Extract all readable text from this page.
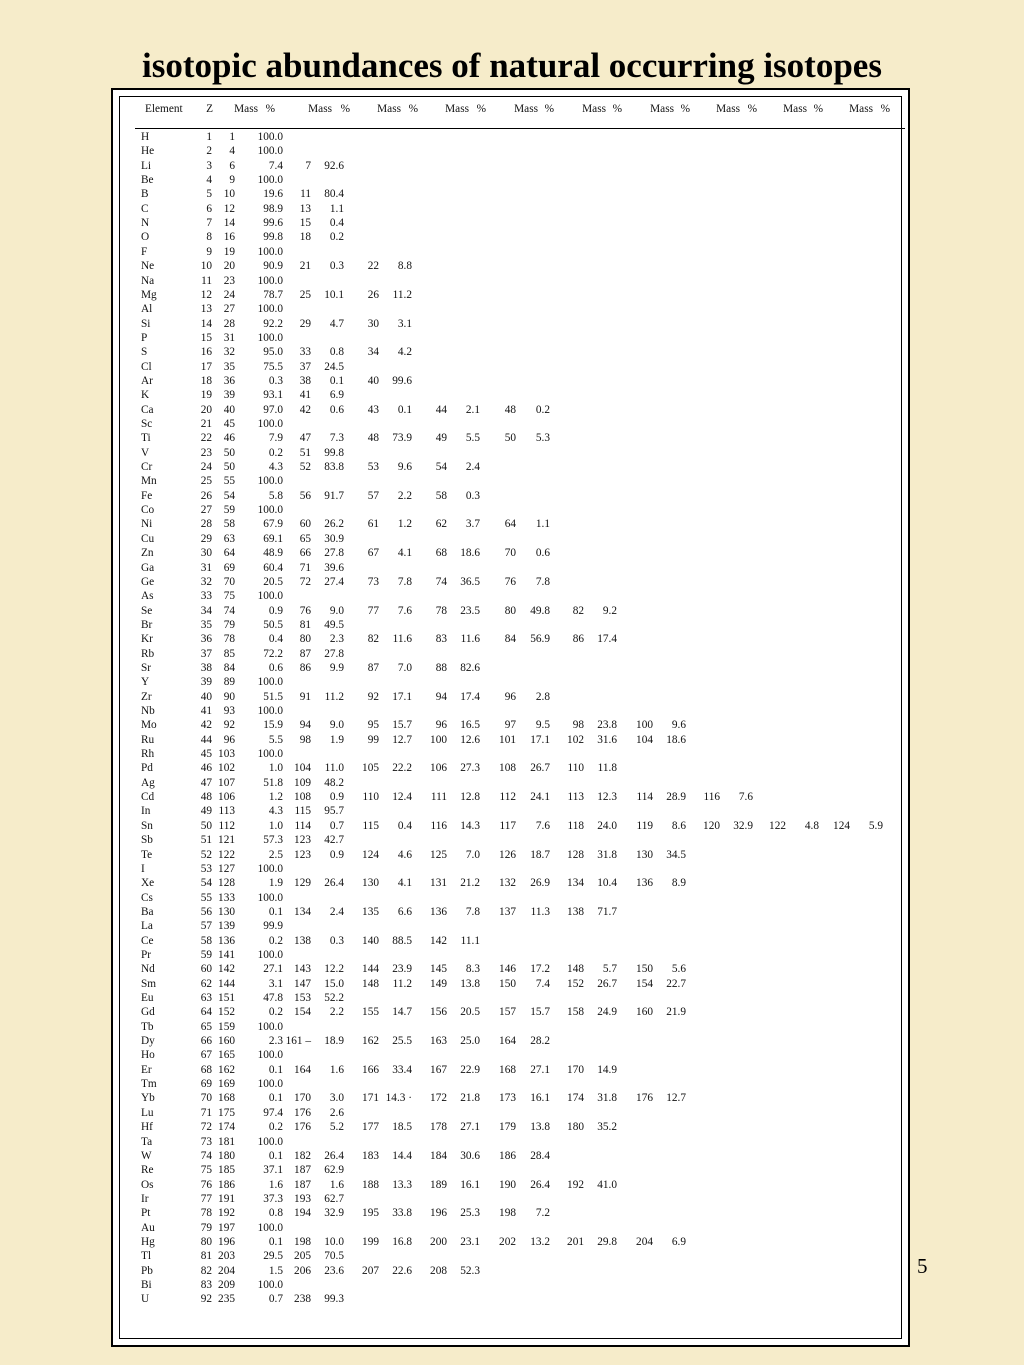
isotopic abundances of natural occurring isotopes
Element	Z	Mass %	Mass %	Mass %	Mass %	Mass %	Mass %	Mass %	Mass %	Mass %	Mass %
H	1	1	100.0
He	2	4	100.0
Li	3	6	7.4	7	92.6
Be	4	9	100.0
B	5	10	19.6	11	80.4
C	6	12	98.9	13	1.1
N	7	14	99.6	15	0.4
O	8	16	99.8	18	0.2
F	9	19	100.0
Ne	10	20	90.9	21	0.3	22	8.8
Na	11	23	100.0
Mg	12	24	78.7	25	10.1	26	11.2
Al	13	27	100.0
Si	14	28	92.2	29	4.7	30	3.1
P	15	31	100.0
S	16	32	95.0	33	0.8	34	4.2
Cl	17	35	75.5	37	24.5
Ar	18	36	0.3	38	0.1	40	99.6
K	19	39	93.1	41	6.9
Ca	20	40	97.0	42	0.6	43	0.1	44	2.1	48	0.2
Sc	21	45	100.0
Ti	22	46	7.9	47	7.3	48	73.9	49	5.5	50	5.3
V	23	50	0.2	51	99.8
Cr	24	50	4.3	52	83.8	53	9.6	54	2.4
Mn	25	55	100.0
Fe	26	54	5.8	56	91.7	57	2.2	58	0.3
Co	27	59	100.0
Ni	28	58	67.9	60	26.2	61	1.2	62	3.7	64	1.1
Cu	29	63	69.1	65	30.9
Zn	30	64	48.9	66	27.8	67	4.1	68	18.6	70	0.6
Ga	31	69	60.4	71	39.6
Ge	32	70	20.5	72	27.4	73	7.8	74	36.5	76	7.8
As	33	75	100.0
Se	34	74	0.9	76	9.0	77	7.6	78	23.5	80	49.8	82	9.2
Br	35	79	50.5	81	49.5
Kr	36	78	0.4	80	2.3	82	11.6	83	11.6	84	56.9	86	17.4
Rb	37	85	72.2	87	27.8
Sr	38	84	0.6	86	9.9	87	7.0	88	82.6
Y	39	89	100.0
Zr	40	90	51.5	91	11.2	92	17.1	94	17.4	96	2.8
Nb	41	93	100.0
Mo	42	92	15.9	94	9.0	95	15.7	96	16.5	97	9.5	98	23.8	100	9.6
Ru	44	96	5.5	98	1.9	99	12.7	100	12.6	101	17.1	102	31.6	104	18.6
Rh	45 103	100.0
Pd	46 102	1.0 104	11.0	105	22.2	106	27.3	108	26.7	110	11.8
Ag	47 107	51.8 109	48.2
Cd	48 106	1.2 108	0.9	110	12.4	111	12.8	112	24.1	113	12.3	114	28.9	116	7.6
In	49 113	4.3	115	95.7
Sn	50 112	1.0	114	0.7	115	0.4	116	14.3	117	7.6	118	24.0	119	8.6	120	32.9	122	4.8	124	5.9
Sb	51 121	57.3 123	42.7
Te	52 122	2.5 123	0.9	124	4.6	125	7.0	126	18.7	128	31.8	130	34.5
I	53 127	100.0
Xe	54 128	1.9 129	26.4	130	4.1	131	21.2	132	26.9	134	10.4	136	8.9
Cs	55 133	100.0
Ba	56 130	0.1 134	2.4	135	6.6	136	7.8	137	11.3	138	71.7
La	57 139	99.9
Ce	58 136	0.2 138	0.3	140	88.5	142	11.1
Pr	59 141	100.0
Nd	60 142	27.1 143	12.2	144	23.9	145	8.3	146	17.2	148	5.7	150	5.6
Sm	62 144	3.1 147	15.0	148	11.2	149	13.8	150	7.4	152	26.7	154	22.7
Eu	63 151	47.8 153	52.2
Gd	64 152	0.2 154	2.2	155	14.7	156	20.5	157	15.7	158	24.9	160	21.9
Tb	65 159	100.0
Dy	66 160	2.3 161 –	18.9	162	25.5	163	25.0	164	28.2
Ho	67 165	100.0
Er	68 162	0.1 164	1.6	166	33.4	167	22.9	168	27.1	170	14.9
Tm	69 169	100.0
Yb	70 168	0.1 170	3.0	171 14.3 ·	172	21.8	173	16.1	174	31.8	176	12.7
Lu	71 175	97.4 176	2.6
Hf	72 174	0.2 176	5.2	177	18.5	178	27.1	179	13.8	180	35.2
Ta	73 181	100.0
W	74 180	0.1 182	26.4	183	14.4	184	30.6	186	28.4
Re	75 185	37.1 187	62.9
Os	76 186	1.6 187	1.6	188	13.3	189	16.1	190	26.4	192	41.0
Ir	77 191	37.3 193	62.7
Pt	78 192	0.8 194	32.9	195	33.8	196	25.3	198	7.2
Au	79 197	100.0
Hg	80 196	0.1 198	10.0	199	16.8	200	23.1	202	13.2	201	29.8	204	6.9
Tl	81 203	29.5 205	70.5
Pb	82 204	1.5 206	23.6	207	22.6	208	52.3
Bi	83 209	100.0
U	92 235	0.7 238	99.3
5
